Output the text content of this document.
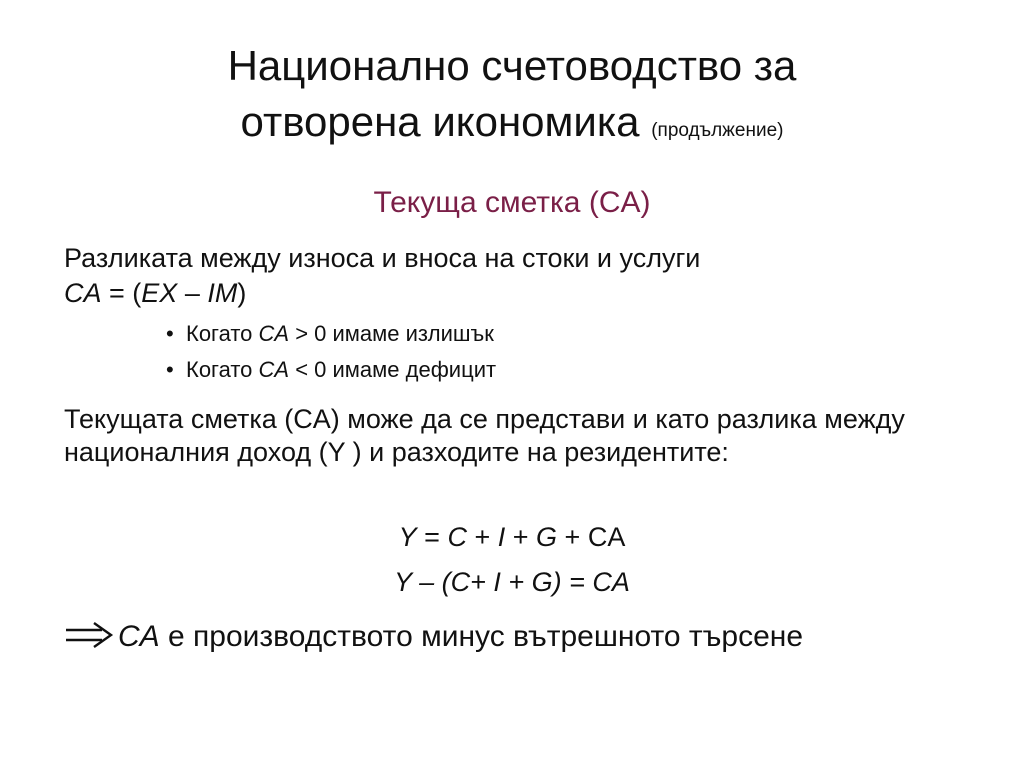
Национално счетоводство за
отворена икономика (продължение)
Текуща сметка (CA)
Разликата между износа и вноса на стоки и услуги
CA = (EX – IM)
• Когато CA > 0 имаме излишък
• Когато CA < 0 имаме дефицит
Текущата сметка (CA) може да се представи и като разлика между националния доход (Y ) и разходите на резидентите:
Y = C + I + G + CA
Y – (C+ I + G) = CA
CA е производството минус вътрешното търсене
